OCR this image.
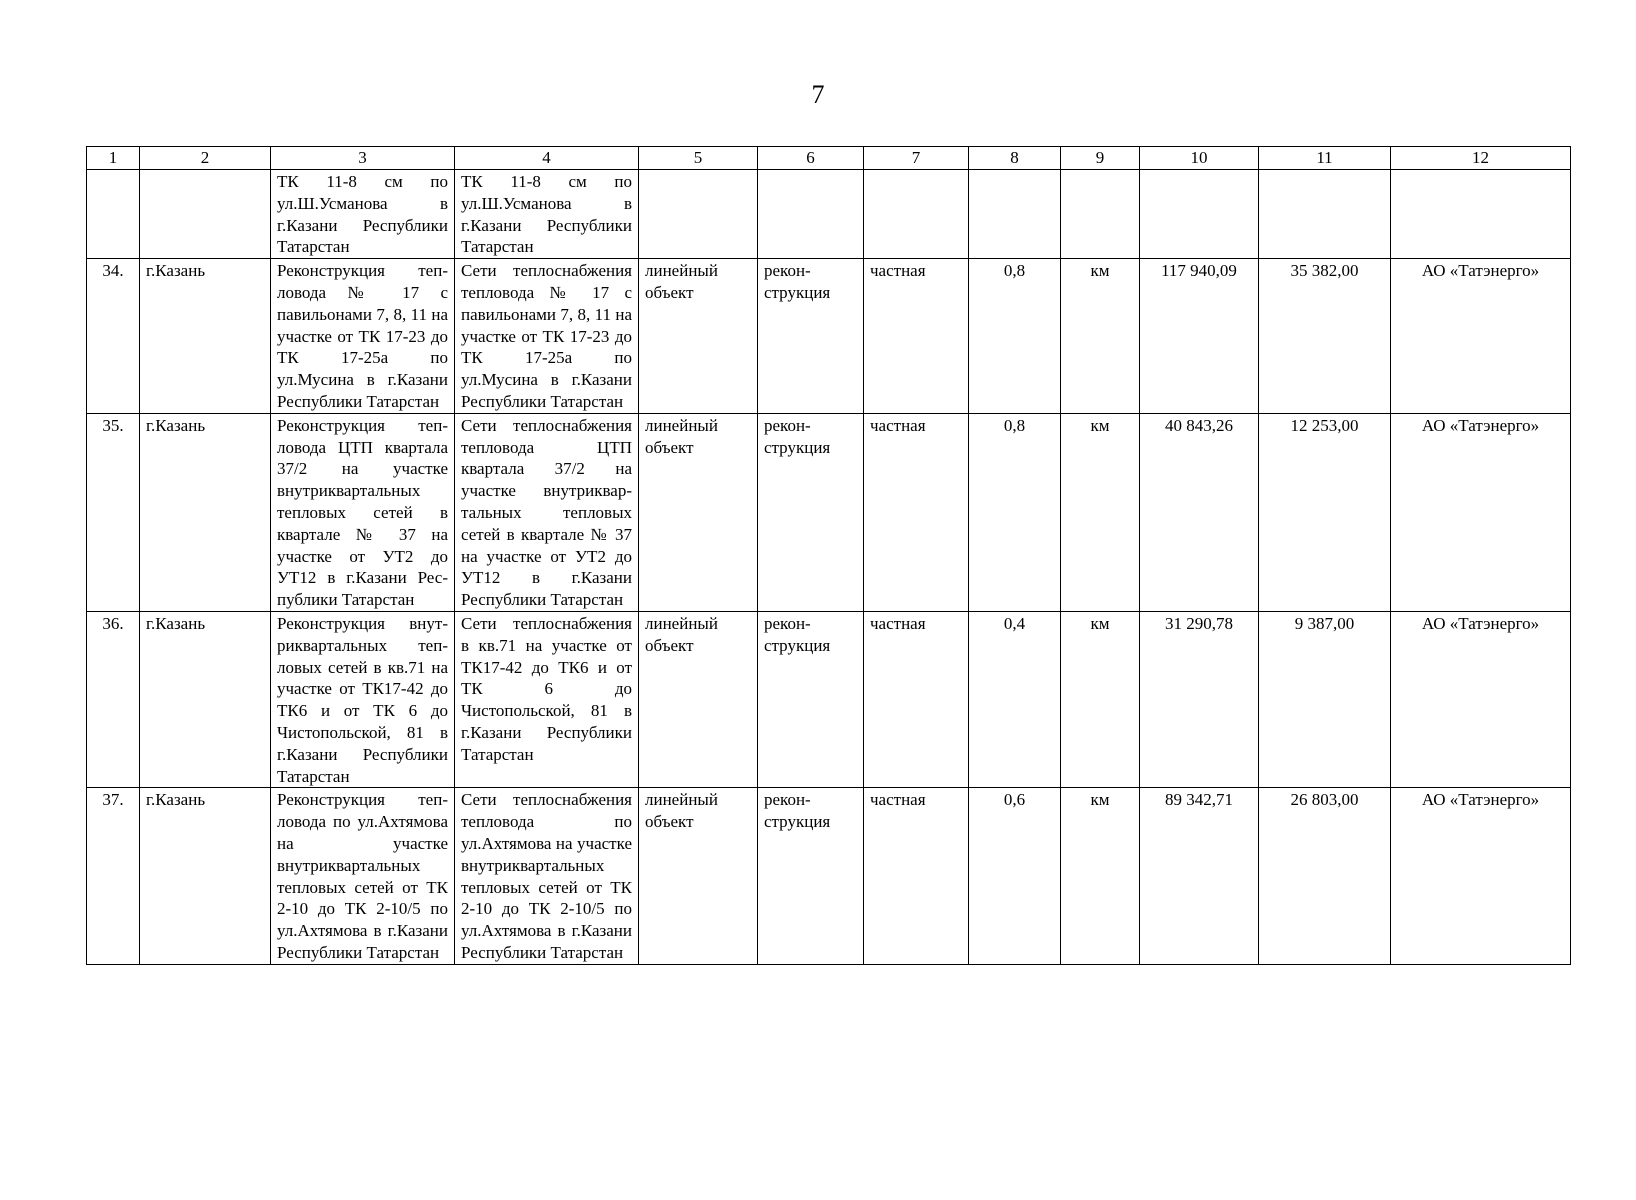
7
1	2	3	4	5	6	7	8	9	10	11	12
		ТК 11-8 см по ул.Ш.Усманова в г.Казани Республики Татарстан	ТК 11-8 см по ул.Ш.Усманова в г.Казани Республики Татарстан								
34.	г.Казань	Реконструкция тепловода № 17 с павильонами 7, 8, 11 на участке от ТК 17-23 до ТК 17-25а по ул.Мусина в г.Казани Республики Татарстан	Сети теплоснабжения тепловода № 17 с павильонами 7, 8, 11 на участке от ТК 17-23 до ТК 17-25а по ул.Мусина в г.Казани Республики Татарстан	линейный объект	реконструкция	частная	0,8	км	117 940,09	35 382,00	АО «Татэнерго»
35.	г.Казань	Реконструкция тепловода ЦТП квартала 37/2 на участке внутриквартальных тепловых сетей в квартале № 37 на участке от УТ2 до УТ12 в г.Казани Республики Татарстан	Сети теплоснабжения тепловода ЦТП квартала 37/2 на участке внутриквартальных тепловых сетей в квартале № 37 на участке от УТ2 до УТ12 в г.Казани Республики Татарстан	линейный объект	реконструкция	частная	0,8	км	40 843,26	12 253,00	АО «Татэнерго»
36.	г.Казань	Реконструкция внутриквартальных тепловых сетей в кв.71 на участке от ТК17-42 до ТК6 и от ТК 6 до Чистопольской, 81 в г.Казани Республики Татарстан	Сети теплоснабжения в кв.71 на участке от ТК17-42 до ТК6 и от ТК 6 до Чистопольской, 81 в г.Казани Республики Татарстан	линейный объект	реконструкция	частная	0,4	км	31 290,78	9 387,00	АО «Татэнерго»
37.	г.Казань	Реконструкция тепловода по ул.Ахтямова на участке внутриквартальных тепловых сетей от ТК 2-10 до ТК 2-10/5 по ул.Ахтямова в г.Казани Республики Татарстан	Сети теплоснабжения тепловода по ул.Ахтямова на участке внутриквартальных тепловых сетей от ТК 2-10 до ТК 2-10/5 по ул.Ахтямова в г.Казани Республики Татарстан	линейный объект	реконструкция	частная	0,6	км	89 342,71	26 803,00	АО «Татэнерго»
